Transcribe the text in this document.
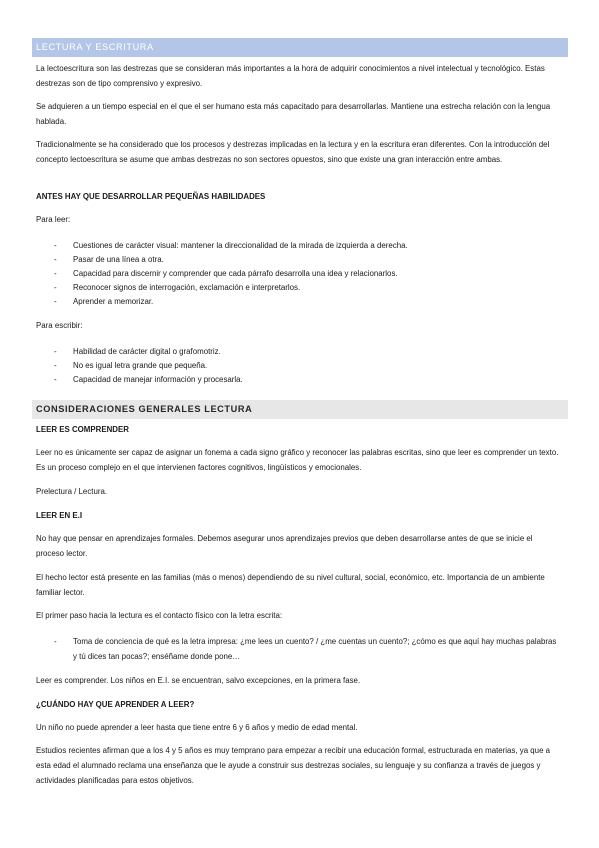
LECTURA Y ESCRITURA

La lectoescritura son las destrezas que se consideran más importantes a la hora de adquirir conocimientos a nivel intelectual y tecnológico. Estas destrezas son de tipo comprensivo y expresivo.

Se adquieren a un tiempo especial en el que el ser humano esta más capacitado para desarrollarlas. Mantiene una estrecha relación con la lengua hablada.

Tradicionalmente se ha considerado que los procesos y destrezas implicadas en la lectura y en la escritura eran diferentes. Con la introducción del concepto lectoescritura se asume que ambas destrezas no son sectores opuestos, sino que existe una gran interacción entre ambas.

ANTES HAY QUE DESARROLLAR PEQUEÑAS HABILIDADES

Para leer:

- Cuestiones de carácter visual: mantener la direccionalidad de la mirada de izquierda a derecha.
- Pasar de una línea a otra.
- Capacidad para discernir y comprender que cada párrafo desarrolla una idea y relacionarlos.
- Reconocer signos de interrogación, exclamación e interpretarlos.
- Aprender a memorizar.

Para escribir:

- Habilidad de carácter digital o grafomotriz.
- No es igual letra grande que pequeña.
- Capacidad de manejar información y procesarla.
CONSIDERACIONES GENERALES LECTURA

LEER ES COMPRENDER

Leer no es únicamente ser capaz de asignar un fonema a cada signo gráfico y reconocer las palabras escritas, sino que leer es comprender un texto. Es un proceso complejo en el que intervienen factores cognitivos, lingüísticos y emocionales.

Prelectura / Lectura.

LEER EN E.I

No hay que pensar en aprendizajes formales. Debemos asegurar unos aprendizajes previos que deben desarrollarse antes de que se inicie el proceso lector.

El hecho lector está presente en las familias (más o menos) dependiendo de su nivel cultural, social, económico, etc. Importancia de un ambiente familiar lector.

El primer paso hacia la lectura es el contacto físico con la letra escrita:

- Toma de conciencia de qué es la letra impresa: ¿me lees un cuento? / ¿me cuentas un cuento?; ¿cómo es que aquí hay muchas palabras y tú dices tan pocas?; enséñame donde pone…

Leer es comprender. Los niños en E.I. se encuentran, salvo excepciones, en la primera fase.

¿CUÁNDO HAY QUE APRENDER A LEER?

Un niño no puede aprender a leer hasta que tiene entre 6 y 6 años y medio de edad mental.

Estudios recientes afirman que a los 4 y 5 años es muy temprano para empezar a recibir una educación formal, estructurada en materias, ya que a esta edad el alumnado reclama una enseñanza que le ayude a construir sus destrezas sociales, su lenguaje y su confianza a través de juegos y actividades planificadas para estos objetivos.
